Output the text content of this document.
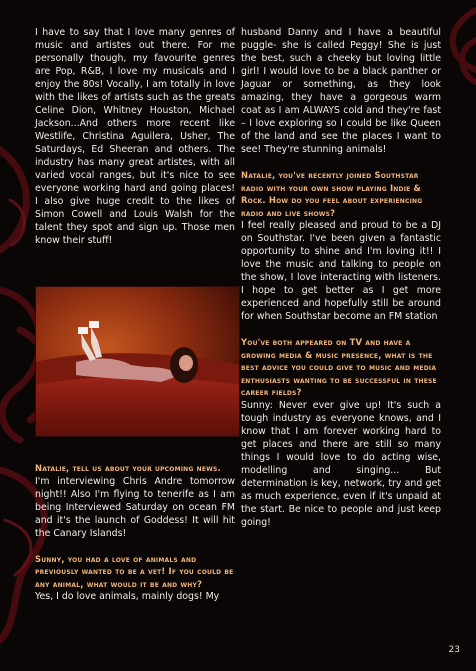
I have to say that I love many genres of music and artistes out there. For me personally though, my favourite genres are Pop, R&B, I love my musicals and I enjoy the 80s! Vocally, I am totally in love with the likes of artists such as the greats Celine Dion, Whitney Houston, Michael Jackson...And others more recent like Westlife, Christina Aguilera, Usher, The Saturdays, Ed Sheeran and others. The industry has many great artistes, with all varied vocal ranges, but it's nice to see everyone working hard and going places! I also give huge credit to the likes of Simon Cowell and Louis Walsh for the talent they spot and sign up. Those men know their stuff!

Natalie, tell us about your upcoming news.

I'm interviewing Chris Andre tomorrow night!! Also I'm flying to tenerife as I am being Interviewed Saturday on ocean FM and it's the launch of Goddess! It will hit the Canary Islands!

Sunny, you had a love of animals and previously wanted to be a vet! If you could be any animal, what would it be and why?

Yes, I do love animals, mainly dogs! My

husband Danny and I have a beautiful puggle- she is called Peggy! She is just the best, such a cheeky but loving little girl! I would love to be a black panther or Jaguar or something, as they look amazing, they have a gorgeous warm coat as I am ALWAYS cold and they're fast – I love exploring so I could be like Queen of the land and see the places I want to see! They're stunning animals!

Natalie, you've recently joined Southstar radio with your own show playing Indie & Rock. How do you feel about experiencing radio and live shows?

I feel really pleased and proud to be a DJ on Southstar. I've been given a fantastic opportunity to shine and I'm loving it!! I love the music and talking to people on the show, I love interacting with listeners. I hope to get better as I get more experienced and hopefully still be around for when Southstar become an FM station

You've both appeared on TV and have a growing media & music presence, what is the best advice you could give to music and media enthusiasts wanting to be successful in these career fields?

Sunny: Never ever give up! It's such a tough industry as everyone knows, and I know that I am forever working hard to get places and there are still so many things I would love to do acting wise, modelling and singing... But determination is key, network, try and get as much experience, even if it's unpaid at the start. Be nice to people and just keep going!

23
